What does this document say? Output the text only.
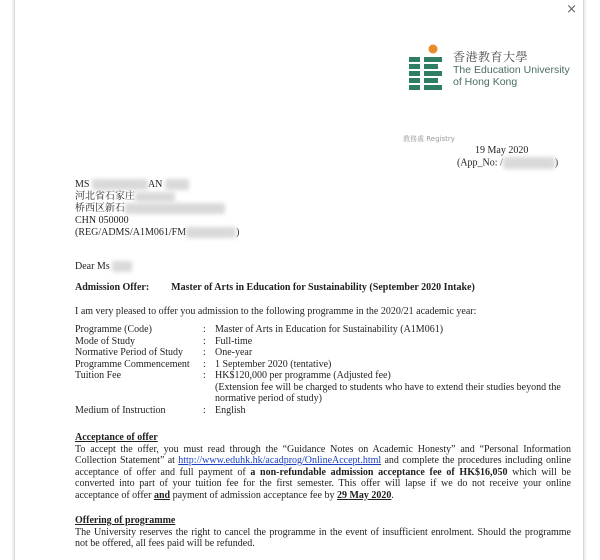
×
香港教育大學
The Education University
of Hong Kong
教務處 Registry
19 May 2020
(App_No: /	)
MS	AN
河北省石家庄
桥西区新石
CHN 050000
(REG/ADMS/A1M061/FM	)
Dear Ms
Admission Offer: Master of Arts in Education for Sustainability (September 2020 Intake)
I am very pleased to offer you admission to the following programme in the 2020/21 academic year:
Programme (Code)	: Master of Arts in Education for Sustainability (A1M061)
Mode of Study	: Full-time
Normative Period of Study	: One-year
Programme Commencement	: 1 September 2020 (tentative)
Tuition Fee	: HK$120,000 per programme (Adjusted fee)
(Extension fee will be charged to students who have to extend their studies beyond the normative period of study)
Medium of Instruction	: English
Acceptance of offer
To accept the offer, you must read through the “Guidance Notes on Academic Honesty” and “Personal Information Collection Statement” at http://www.eduhk.hk/acadprog/OnlineAccept.html and complete the procedures including online acceptance of offer and full payment of a non-refundable admission acceptance fee of HK$16,050 which will be converted into part of your tuition fee for the first semester. This offer will lapse if we do not receive your online acceptance of offer and payment of admission acceptance fee by 29 May 2020.
Offering of programme
The University reserves the right to cancel the programme in the event of insufficient enrolment. Should the programme not be offered, all fees paid will be refunded.
